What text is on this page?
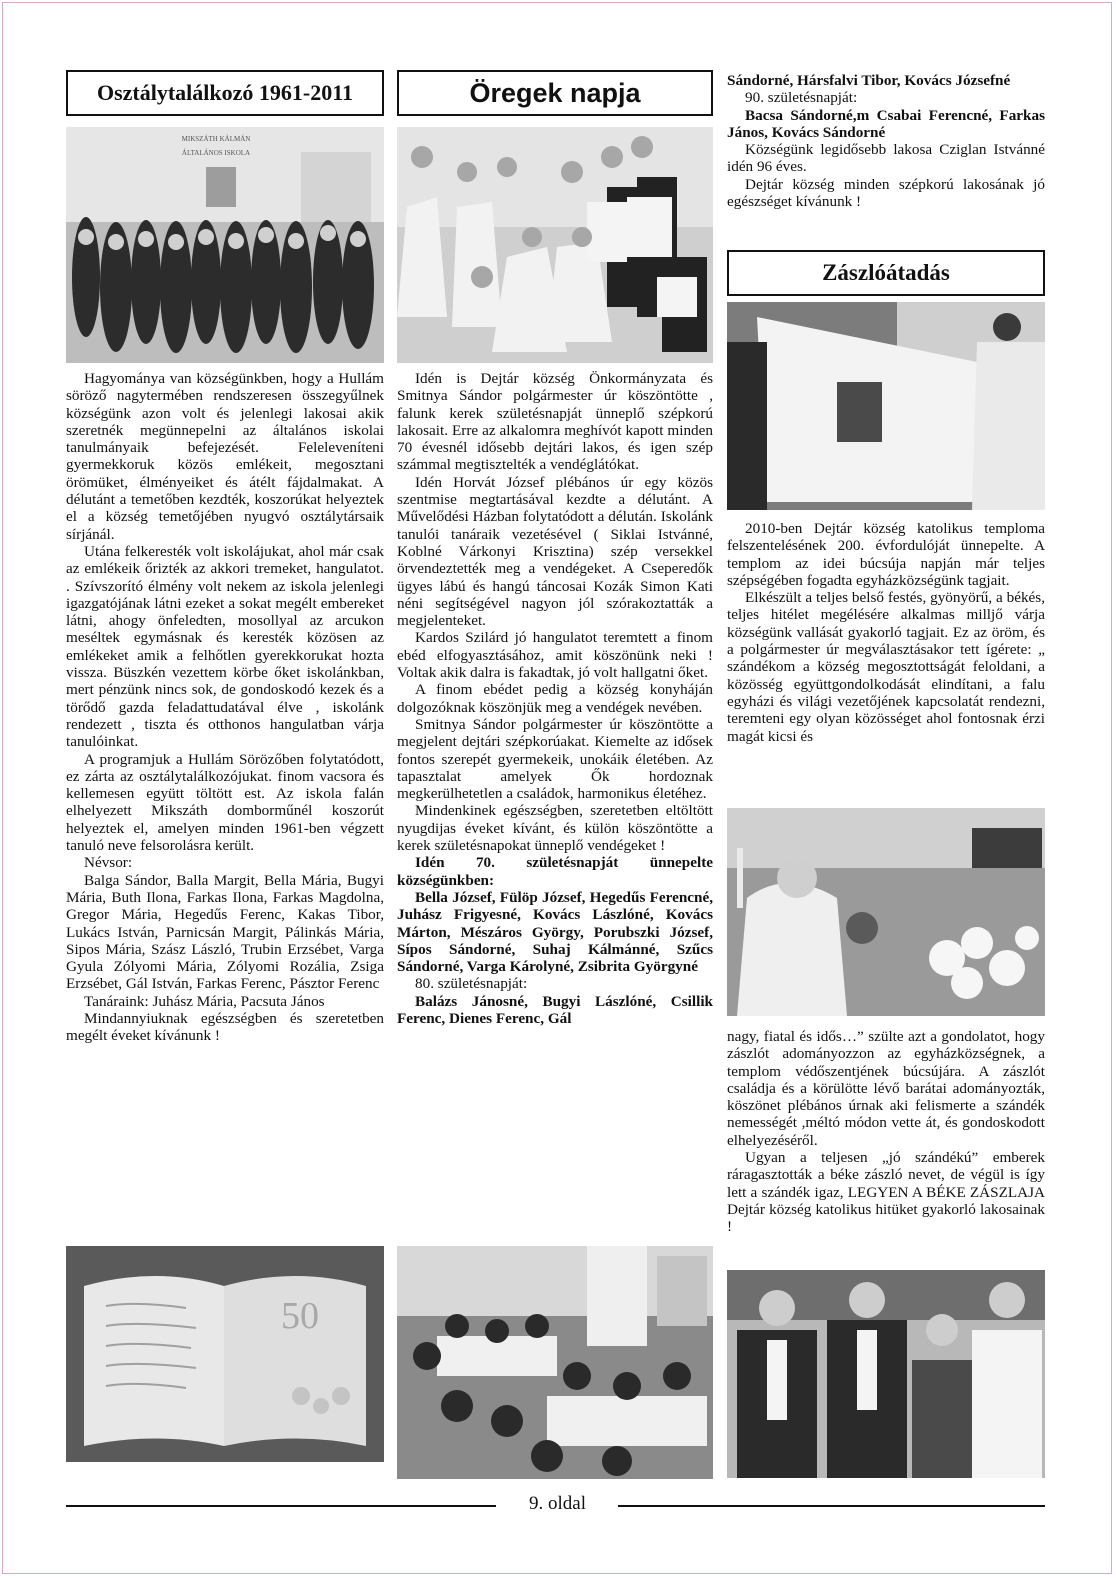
Osztálytalálkozó 1961-2011
MIKSZÁTH KÁLMÁN
ÁLTALÁNOS ISKOLA

Hagyománya van községünkben, hogy a Hullám söröző nagytermében rendszeresen összegyűlnek községünk azon volt és jelenlegi lakosai akik szeretnék megünnepelni az általános iskolai tanulmányaik befejezését. Feleleveníteni gyermekkoruk közös emlékeit, megosztani örömüket, élményeiket és átélt fájdalmakat. A délutánt a temetőben kezdték, koszorúkat helyeztek el a község temetőjében nyugvó osztálytársaik sírjánál.

Utána felkeresték volt iskolájukat, ahol már csak az emlékeik őrizték az akkori tremeket, hangulatot. . Szívszorító élmény volt nekem az iskola jelenlegi igazgatójának látni ezeket a sokat megélt embereket látni, ahogy önfeledten, mosollyal az arcukon meséltek egymásnak és keresték közösen az emlékeket amik a felhőtlen gyerekkorukat hozta vissza. Büszkén vezettem körbe őket iskolánkban, mert pénzünk nincs sok, de gondoskodó kezek és a törődő gazda feladattudatával élve , iskolánk rendezett , tiszta és otthonos hangulatban várja tanulóinkat.

A programjuk a Hullám Sörözőben folytatódott, ez zárta az osztálytalálkozójukat. finom vacsora és kellemesen együtt töltött est. Az iskola falán elhelyezett Mikszáth domborműnél koszorút helyeztek el, amelyen minden 1961-ben végzett tanuló neve felsorolásra került.

Névsor:

Balga Sándor, Balla Margit, Bella Mária, Bugyi Mária, Buth Ilona, Farkas Ilona, Farkas Magdolna, Gregor Mária, Hegedűs Ferenc, Kakas Tibor, Lukács István, Parnicsán Margit, Pálinkás Mária, Sipos Mária, Szász László, Trubin Erzsébet, Varga Gyula Zólyomi Mária, Zólyomi Rozália, Zsiga Erzsébet, Gál István, Farkas Ferenc, Pásztor Ferenc

Tanáraink: Juhász Mária, Pacsuta János

Mindannyiuknak egészségben és szeretetben megélt éveket kívánunk !

50
Öregek napja

Idén is Dejtár község Önkormányzata és Smitnya Sándor polgármester úr köszöntötte , falunk kerek születésnapját ünneplő szépkorú lakosait. Erre az alkalomra meghívót kapott minden 70 évesnél idősebb dejtári lakos, és igen szép számmal megtisztelték a vendéglátókat.

Idén Horvát József plébános úr egy közös szentmise megtartásával kezdte a délutánt. A Művelődési Házban folytatódott a délután. Iskolánk tanulói tanáraik vezetésével ( Siklai Istvánné, Koblné Várkonyi Krisztina) szép versekkel örvendeztették meg a vendégeket. A Cseperedők ügyes lábú és hangú táncosai Kozák Simon Kati néni segítségével nagyon jól szórakoztatták a megjelenteket.

Kardos Szilárd jó hangulatot teremtett a finom ebéd elfogyasztásához, amit köszönünk neki ! Voltak akik dalra is fakadtak, jó volt hallgatni őket.

A finom ebédet pedig a község konyháján dolgozóknak köszönjük meg a vendégek nevében.

Smitnya Sándor polgármester úr köszöntötte a megjelent dejtári szépkorúakat. Kiemelte az idősek fontos szerepét gyermekeik, unokáik életében. Az tapasztalat amelyek Ők hordoznak megkerülhetetlen a családok, harmonikus életéhez.

Mindenkinek egészségben, szeretetben eltöltött nyugdijas éveket kívánt, és külön köszöntötte a kerek születésnapokat ünneplő vendégeket !

Idén 70. születésnapját ünnepelte községünkben:

Bella József, Fülöp József, Hegedűs Ferencné, Juhász Frigyesné, Kovács Lászlóné, Kovács Márton, Mészáros György, Porubszki József, Sípos Sándorné, Suhaj Kálmánné, Szűcs Sándorné, Varga Károlyné, Zsibrita Györgyné

80. születésnapját:

Balázs Jánosné, Bugyi Lászlóné, Csillik Ferenc, Dienes Ferenc, Gál

Sándorné, Hársfalvi Tibor, Kovács Józsefné

90. születésnapját:

Bacsa Sándorné,m Csabai Ferencné, Farkas János, Kovács Sándorné

Községünk legidősebb lakosa Cziglan Istvánné idén 96 éves.

Dejtár község minden szépkorú lakosának jó egészséget kívánunk !

Zászlóátadás

2010-ben Dejtár község katolikus temploma felszentelésének 200. évfordulóját ünnepelte. A templom az idei búcsúja napján már teljes szépségében fogadta egyházközségünk tagjait.

Elkészült a teljes belső festés, gyönyörű, a békés, teljes hitélet megélésére alkalmas milljő várja községünk vallását gyakorló tagjait. Ez az öröm, és a polgármester úr megválasztásakor tett ígérete: „ szándékom a község megosztottságát feloldani, a közösség együttgondolkodását elindítani, a falu egyházi és világi vezetőjének kapcsolatát rendezni, teremteni egy olyan közösséget ahol fontosnak érzi magát kicsi és

nagy, fiatal és idős…” szülte azt a gondolatot, hogy zászlót adományozzon az egyházközségnek, a templom védőszentjének búcsújára. A zászlót családja és a körülötte lévő barátai adományozták, köszönet plébános úrnak aki felismerte a szándék nemességét ,méltó módon vette át, és gondoskodott elhelyezéséről.

Ugyan a teljesen „jó szándékú” emberek ráragasztották a béke zászló nevet, de végül is így lett a szándék igaz, LEGYEN A BÉKE ZÁSZLAJA Dejtár község katolikus hitüket gyakorló lakosainak !

9. oldal
